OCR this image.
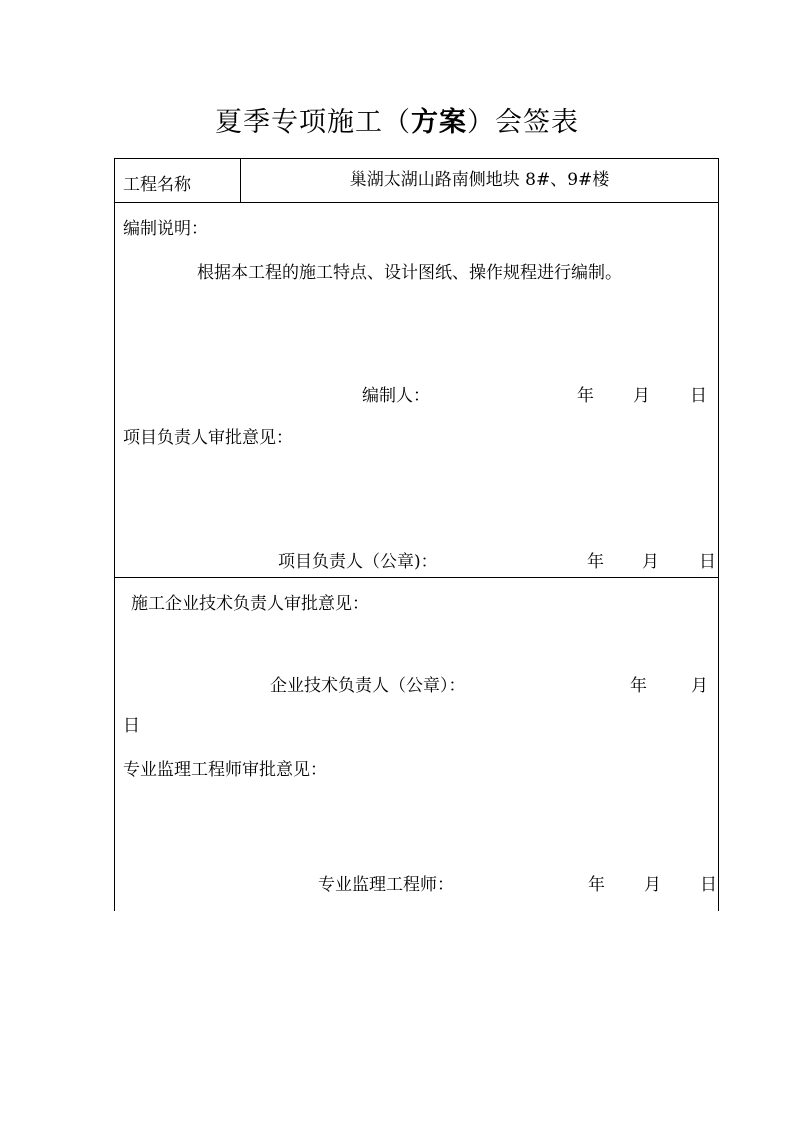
夏季专项施工（方案）会签表
工程名称	巢湖太湖山路南侧地块 8#、9#楼
编制说明：
根据本工程的施工特点、设计图纸、操作规程进行编制。
编制人：	年 月 日
项目负责人审批意见：
项目负责人（公章)：	年 月 日
施工企业技术负责人审批意见：
企业技术负责人（公章）：	年	月
日
专业监理工程师审批意见：
专业监理工程师：	年 月 日
